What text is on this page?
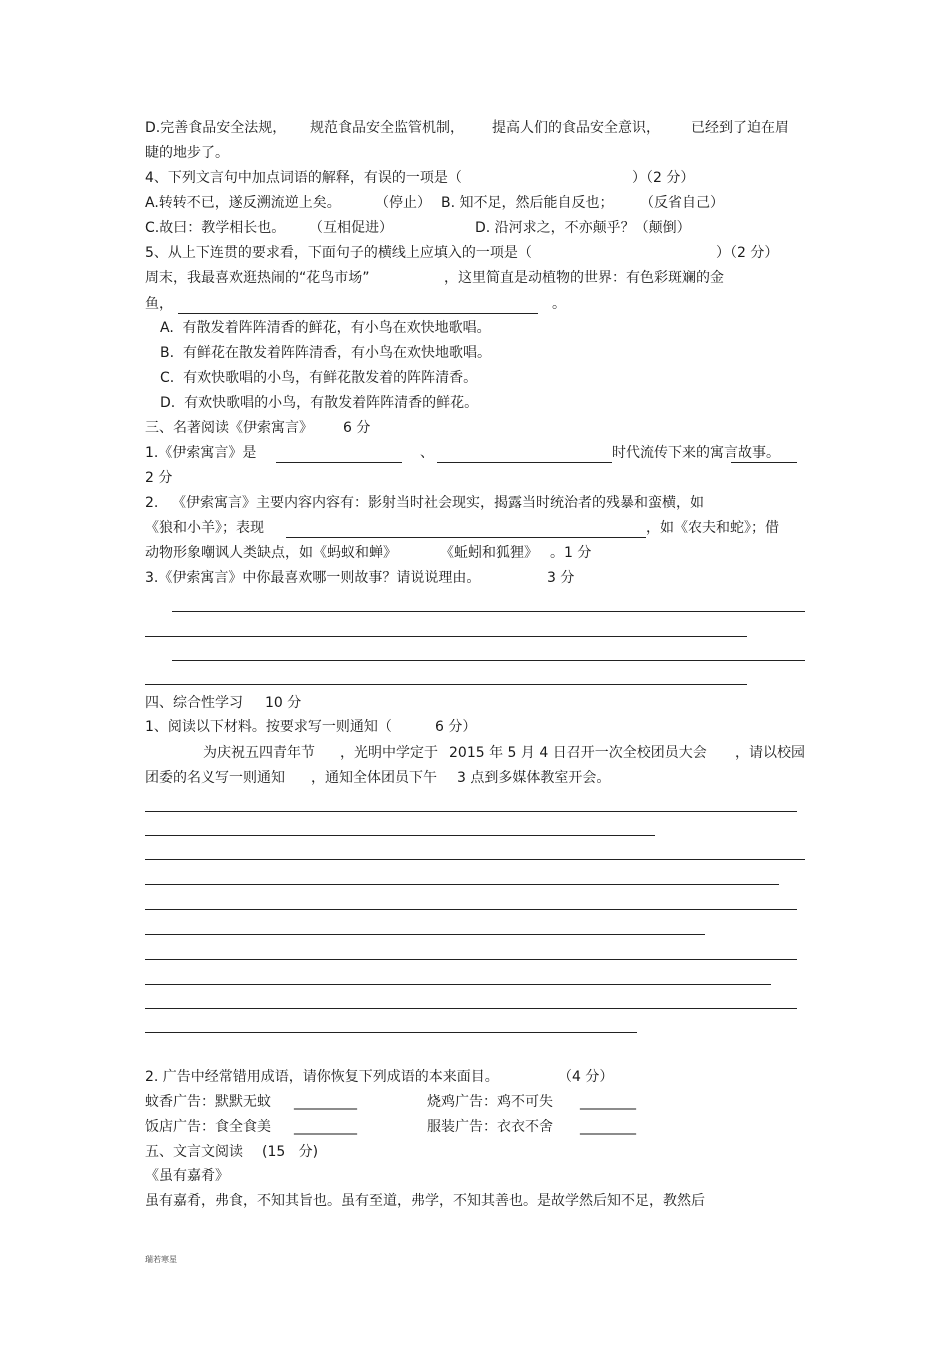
D.完善食品安全法规， 规范食品安全监管机制， 提高人们的食品安全意识， 已经到了迫在眉
睫的地步了。
4、下列文言句中加点词语的解释，有误的一项是（	）（2 分）
A.转转不已，遂反溯流逆上矣。 （停止） B. 知不足，然后能自反也； （反省自己）
C.故曰：教学相长也。 （互相促进）	D. 沿河求之，不亦颠乎？（颠倒）
5、从上下连贯的要求看，下面句子的横线上应填入的一项是（	）（2 分）
周末，我最喜欢逛热闹的“花鸟市场”	，这里简直是动植物的世界：有色彩斑斓的金
鱼，	。
A.  有散发着阵阵清香的鲜花，有小鸟在欢快地歌唱。
B.  有鲜花在散发着阵阵清香，有小鸟在欢快地歌唱。
C.  有欢快歌唱的小鸟，有鲜花散发着的阵阵清香。
D.  有欢快歌唱的小鸟，有散发着阵阵清香的鲜花。
三、名著阅读《伊索寓言》 6 分
1.《伊索寓言》是	、	时代流传下来的寓言故事。
2 分
2. 《伊索寓言》主要内容内容有：影射当时社会现实，揭露当时统治者的残暴和蛮横，如
《狼和小羊》；表现	，如《农夫和蛇》；借
动物形象嘲讽人类缺点，如《蚂蚁和蝉》	《蚯蚓和狐狸》 。1 分
3.《伊索寓言》中你最喜欢哪一则故事？请说说理由。	3 分
四、综合性学习 10 分
1、阅读以下材料。按要求写一则通知（	6 分）
为庆祝五四青年节 ，光明中学定于 2015 年 5 月 4 日召开一次全校团员大会 ，请以校园
团委的名义写一则通知 ，通知全体团员下午 3 点到多媒体教室开会。
2. 广告中经常错用成语，请你恢复下列成语的本来面目。	（4 分）
蚊香广告：默默无蚊 _________	烧鸡广告：鸡不可失 ________
饭店广告：食全食美 _________	服装广告：衣衣不舍 ________
五、文言文阅读 (15   分)
《虽有嘉肴》
虽有嘉肴，弗食，不知其旨也。虽有至道，弗学，不知其善也。是故学然后知不足，教然后
瑞若寒星
